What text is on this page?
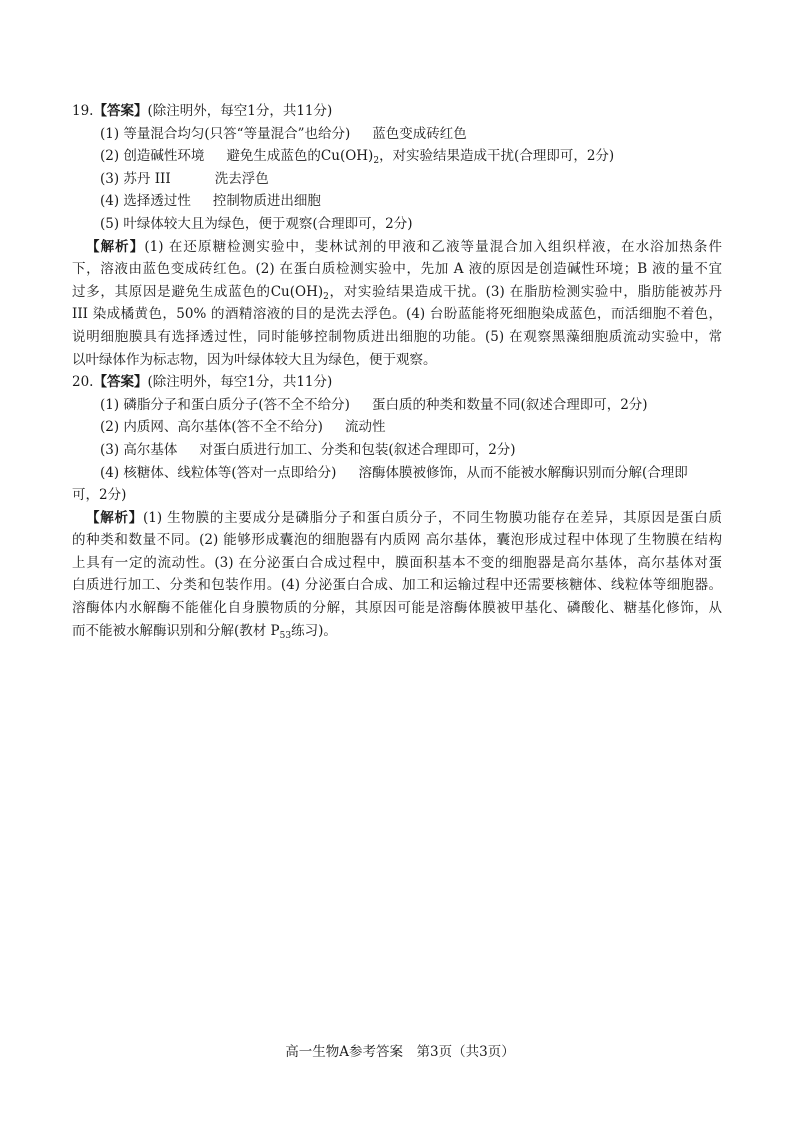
19.【答案】(除注明外，每空1分，共11分)
(1) 等量混合均匀(只答“等量混合”也给分) 蓝色变成砖红色
(2) 创造碱性环境 避免生成蓝色的$Cu(OH)_2$，对实验结果造成干扰(合理即可，2分)
(3) 苏丹 III	洗去浮色
(4) 选择透过性 控制物质进出细胞
(5) 叶绿体较大且为绿色，便于观察(合理即可，2分)
【解析】(1) 在还原糖检测实验中，斐林试剂的甲液和乙液等量混合加入组织样液，在水浴加热条件
下，溶液由蓝色变成砖红色。(2) 在蛋白质检测实验中，先加 A 液的原因是创造碱性环境；B 液的量不宜
过多，其原因是避免生成蓝色的$Cu(OH)_2$，对实验结果造成干扰。(3) 在脂肪检测实验中，脂肪能被苏丹
III 染成橘黄色，50% 的酒精溶液的目的是洗去浮色。(4) 台盼蓝能将死细胞染成蓝色，而活细胞不着色，
说明细胞膜具有选择透过性，同时能够控制物质进出细胞的功能。(5) 在观察黑藻细胞质流动实验中，常
以叶绿体作为标志物，因为叶绿体较大且为绿色，便于观察。
20.【答案】(除注明外，每空1分，共11分)
(1) 磷脂分子和蛋白质分子(答不全不给分) 蛋白质的种类和数量不同(叙述合理即可，2分)
(2) 内质网、高尔基体(答不全不给分) 流动性
(3) 高尔基体 对蛋白质进行加工、分类和包装(叙述合理即可，2分)
(4) 核糖体、线粒体等(答对一点即给分) 溶酶体膜被修饰，从而不能被水解酶识别而分解(合理即
可，2分)
【解析】(1) 生物膜的主要成分是磷脂分子和蛋白质分子，不同生物膜功能存在差异，其原因是蛋白质
的种类和数量不同。(2) 能够形成囊泡的细胞器有内质网 高尔基体，囊泡形成过程中体现了生物膜在结构
上具有一定的流动性。(3) 在分泌蛋白合成过程中，膜面积基本不变的细胞器是高尔基体，高尔基体对蛋
白质进行加工、分类和包装作用。(4) 分泌蛋白合成、加工和运输过程中还需要核糖体、线粒体等细胞器。
溶酶体内水解酶不能催化自身膜物质的分解，其原因可能是溶酶体膜被甲基化、磷酸化、糖基化修饰，从
而不能被水解酶识别和分解(教材 $P_{53}$练习)。
高一生物A参考答案　第3页（共3页）
